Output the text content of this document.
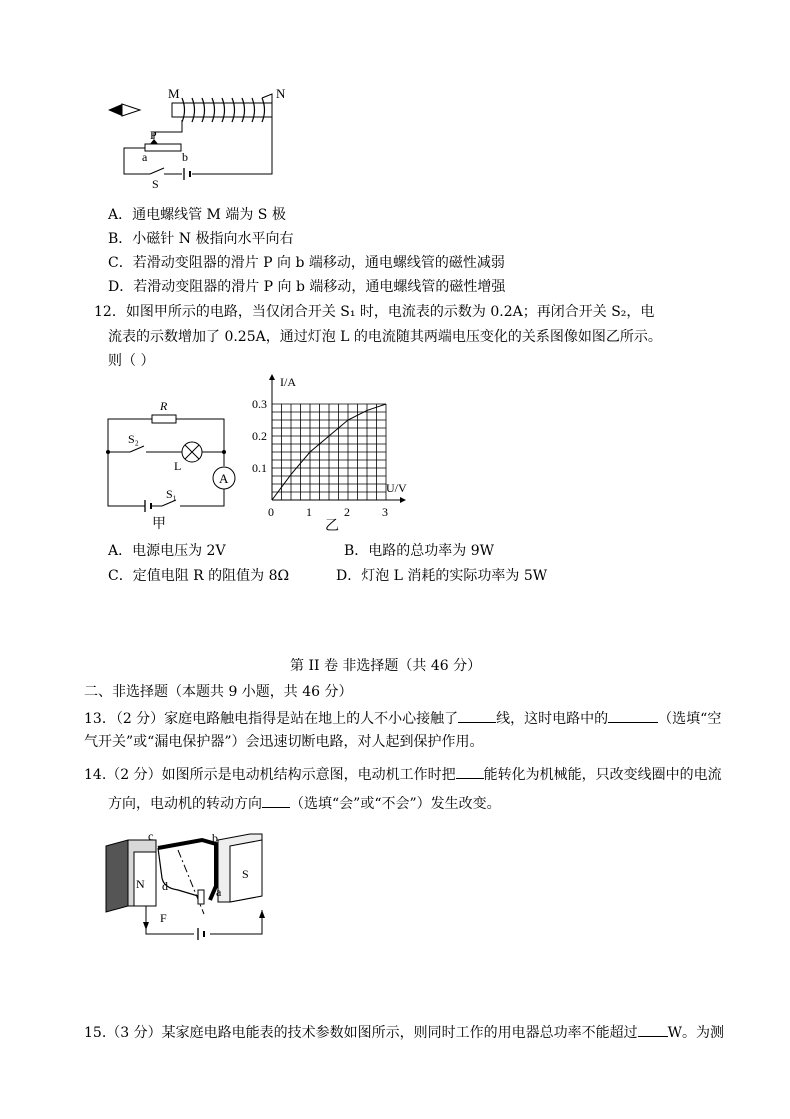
M	N
P
a	b
S
A．通电螺线管 M 端为 S 极
B．小磁针 N 极指向水平向右
C．若滑动变阻器的滑片 P 向 b 端移动，通电螺线管的磁性减弱
D．若滑动变阻器的滑片 P 向 b 端移动，通电螺线管的磁性增强
12．如图甲所示的电路，当仅闭合开关 S₁ 时，电流表的示数为 0.2A；再闭合开关 S₂，电
流表的示数增加了 0.25A，通过灯泡 L 的电流随其两端电压变化的关系图像如图乙所示。
则（ ）
R
A
S₂
L
S₁
甲
I/A
U/V
0	1	2	3
0.1
0.2
0.3
乙
A．电源电压为 2V	B．电路的总功率为 9W
C．定值电阻 R 的阻值为 8Ω	D．灯泡 L 消耗的实际功率为 5W
第 II 卷 非选择题（共 46 分）
二、非选择题（本题共 9 小题，共 46 分）
13．（2 分）家庭电路触电指得是站在地上的人不小心接触了	线，这时电路中的	（选填“空
气开关”或“漏电保护器”）会迅速切断电路，对人起到保护作用。
14.（2 分）如图所示是电动机结构示意图，电动机工作时把 能转化为机械能，只改变线圈中的电流
方向，电动机的转动方向 （选填“会”或“不会”）发生改变。
N
S
c	b
d	a
F
15.（3 分）某家庭电路电能表的技术参数如图所示，则同时工作的用电器总功率不能超过 W。为测
